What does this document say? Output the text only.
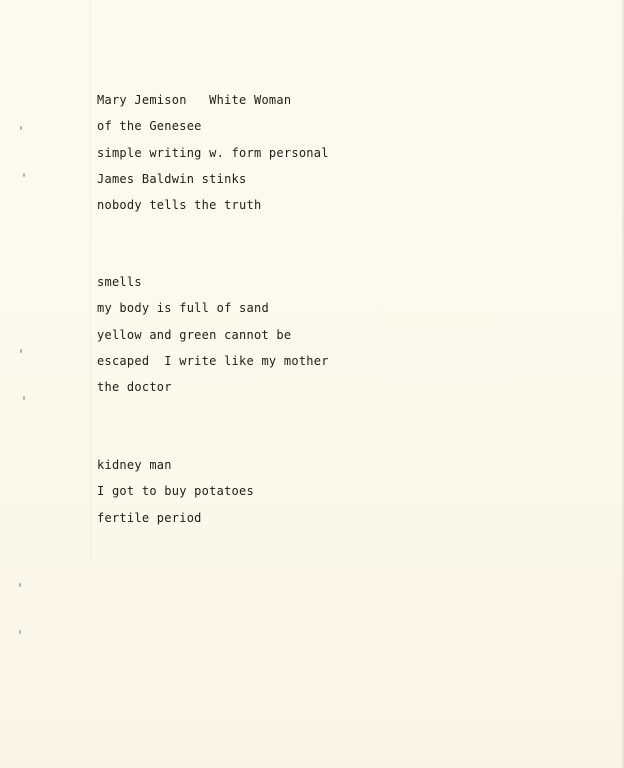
Mary Jemison   White Woman
of the Genesee
simple writing w. form personal
James Baldwin stinks
nobody tells the truth
smells
my body is full of sand
yellow and green cannot be
escaped  I write like my mother
the doctor
kidney man
I got to buy potatoes
fertile period
